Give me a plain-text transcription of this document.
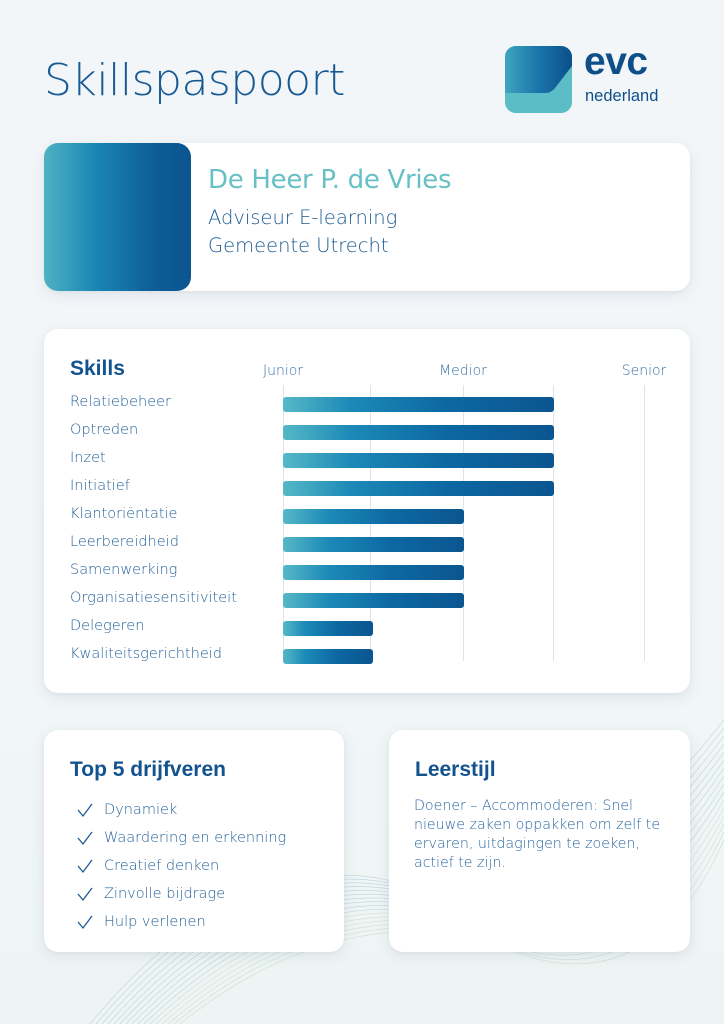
Skillspaspoort	evc
nederland
De Heer P. de Vries
Adviseur E-learning
Gemeente Utrecht
Skills	Junior	Medior	Senior
Relatiebeheer
Optreden
Inzet
Initiatief
Klantoriëntatie
Leerbereidheid
Samenwerking
Organisatiesensitiviteit
Delegeren
Kwaliteitsgerichtheid
Top 5 drijfveren
Dynamiek
Waardering en erkenning
Creatief denken
Zinvolle bijdrage
Hulp verlenen
Leerstijl
Doener – Accommoderen: Snel nieuwe zaken oppakken om zelf te ervaren, uitdagingen te zoeken, actief te zijn.
